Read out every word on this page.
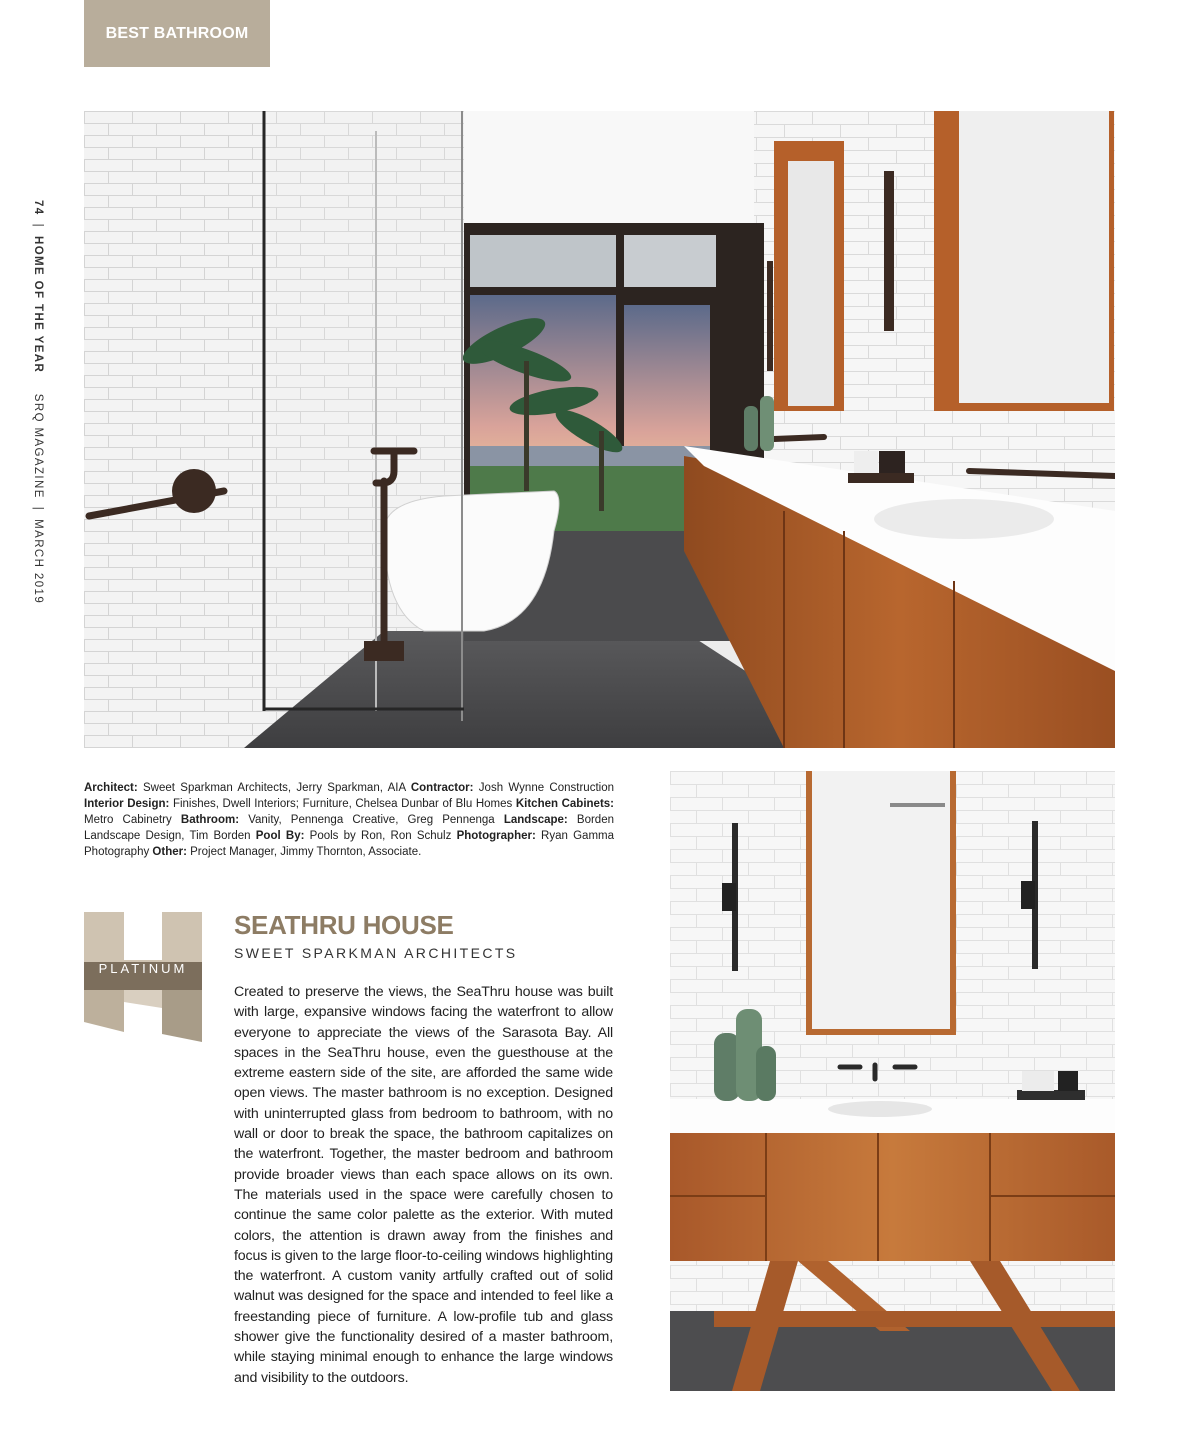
BEST BATHROOM
74|HOME OF THE YEAR SRQ MAGAZINE|MARCH 2019
Architect: Sweet Sparkman Architects, Jerry Sparkman, AIA Contractor: Josh Wynne Construction Interior Design: Finishes, Dwell Interiors; Furniture, Chelsea Dunbar of Blu Homes Kitchen Cabinets: Metro Cabinetry Bathroom: Vanity, Pennenga Creative, Greg Pennenga Landscape: Borden Landscape Design, Tim Borden Pool By: Pools by Ron, Ron Schulz Photographer: Ryan Gamma Photography Other: Project Manager, Jimmy Thornton, Associate.
PLATINUM
SEATHRU HOUSE
SWEET SPARKMAN ARCHITECTS
Created to preserve the views, the SeaThru house was built with large, expansive windows facing the waterfront to allow everyone to appreciate the views of the Sarasota Bay. All spaces in the SeaThru house, even the guesthouse at the extreme eastern side of the site, are afforded the same wide open views. The master bathroom is no exception. Designed with uninterrupted glass from bedroom to bathroom, with no wall or door to break the space, the bathroom capitalizes on the waterfront. Together, the master bedroom and bathroom provide broader views than each space allows on its own. The materials used in the space were carefully chosen to continue the same color palette as the exterior. With muted colors, the attention is drawn away from the finishes and focus is given to the large floor-to-ceiling windows highlighting the waterfront. A custom vanity artfully crafted out of solid walnut was designed for the space and intended to feel like a freestanding piece of furniture. A low-profile tub and glass shower give the functionality desired of a master bathroom, while staying minimal enough to enhance the large windows and visibility to the outdoors.
